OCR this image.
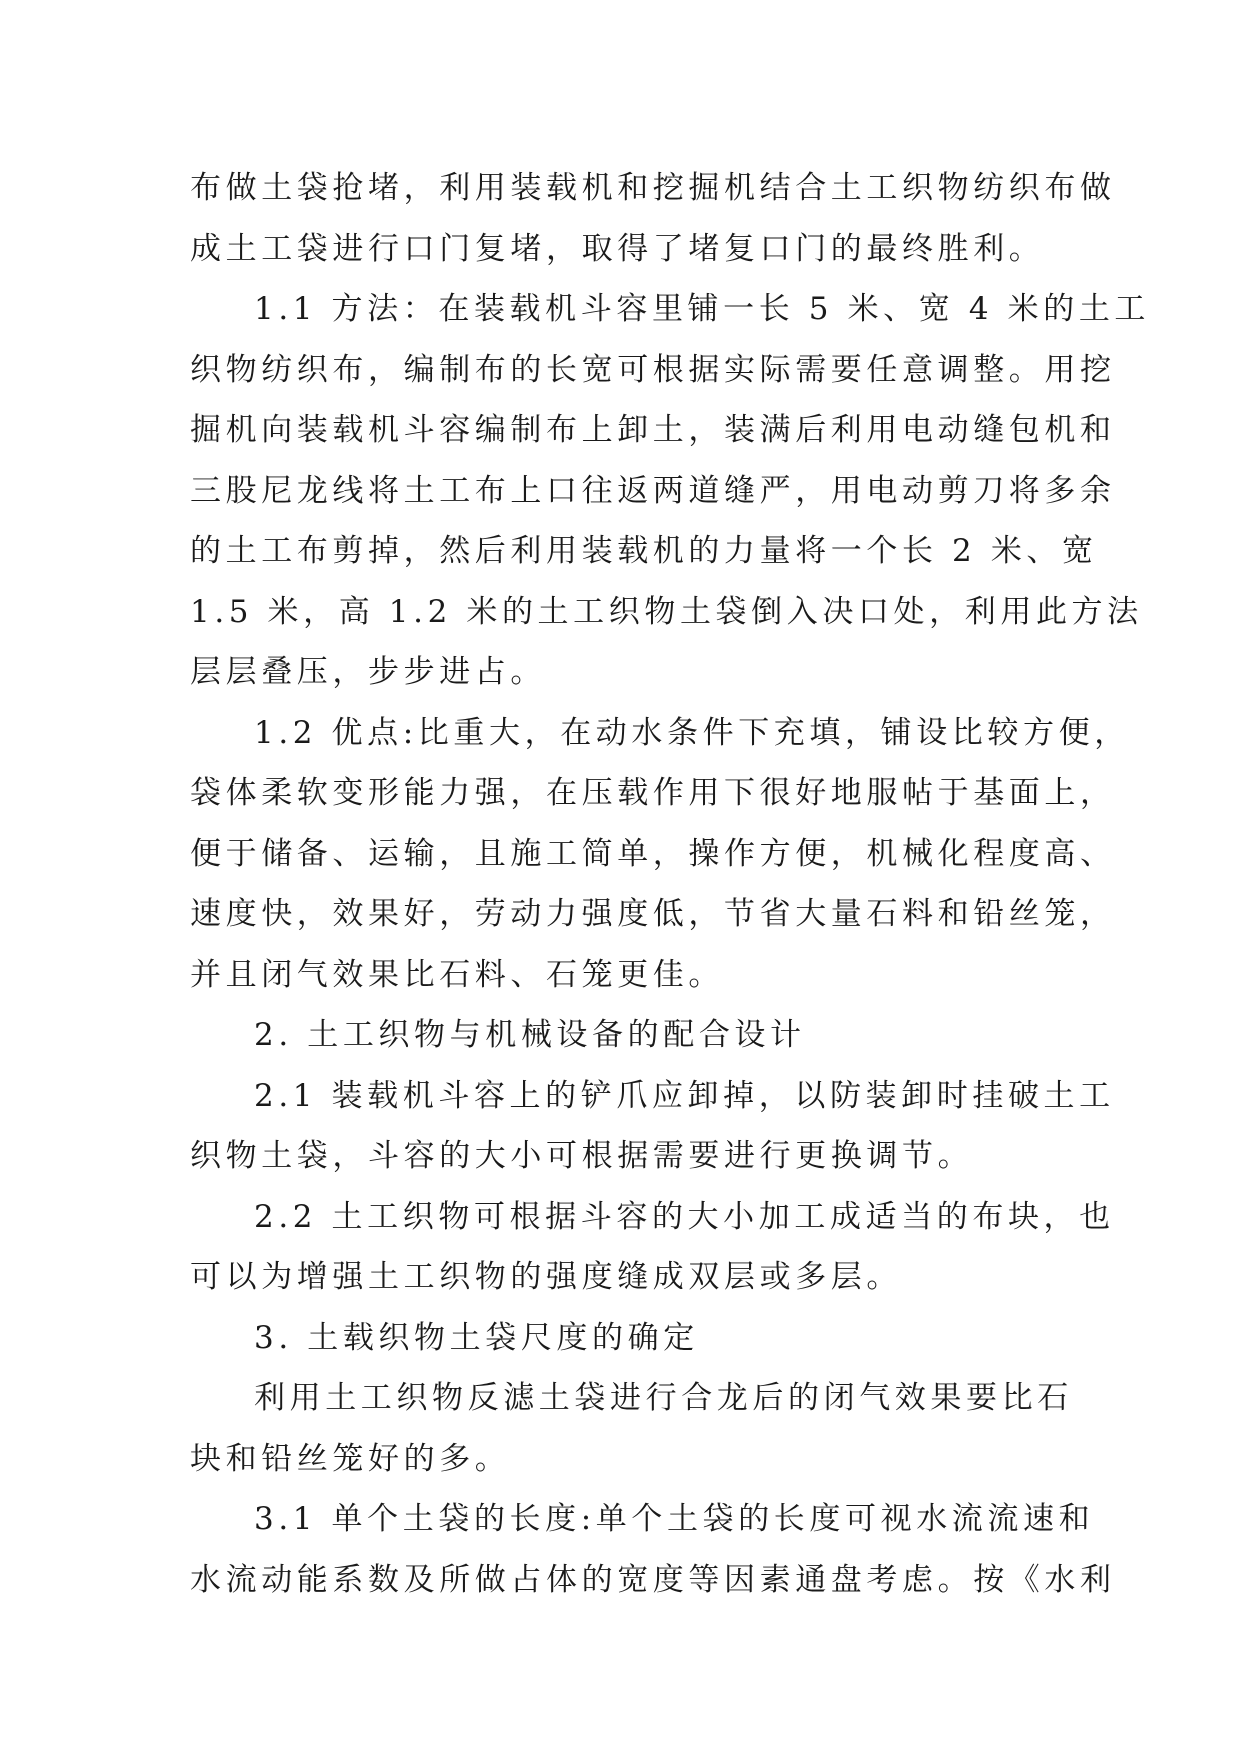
布做土袋抢堵，利用装载机和挖掘机结合土工织物纺织布做
成土工袋进行口门复堵，取得了堵复口门的最终胜利。
1.1 方法：在装载机斗容里铺一长 5 米、宽 4 米的土工
织物纺织布，编制布的长宽可根据实际需要任意调整。用挖
掘机向装载机斗容编制布上卸土，装满后利用电动缝包机和
三股尼龙线将土工布上口往返两道缝严，用电动剪刀将多余
的土工布剪掉，然后利用装载机的力量将一个长 2 米、宽
1.5 米，高 1.2 米的土工织物土袋倒入决口处，利用此方法
层层叠压，步步进占。
1.2 优点:比重大，在动水条件下充填，铺设比较方便，
袋体柔软变形能力强，在压载作用下很好地服帖于基面上，
便于储备、运输，且施工简单，操作方便，机械化程度高、
速度快，效果好，劳动力强度低，节省大量石料和铅丝笼，
并且闭气效果比石料、石笼更佳。
2. 土工织物与机械设备的配合设计
2.1 装载机斗容上的铲爪应卸掉，以防装卸时挂破土工
织物土袋，斗容的大小可根据需要进行更换调节。
2.2 土工织物可根据斗容的大小加工成适当的布块，也
可以为增强土工织物的强度缝成双层或多层。
3. 土载织物土袋尺度的确定
利用土工织物反滤土袋进行合龙后的闭气效果要比石
块和铅丝笼好的多。
3.1 单个土袋的长度:单个土袋的长度可视水流流速和
水流动能系数及所做占体的宽度等因素通盘考虑。按《水利
